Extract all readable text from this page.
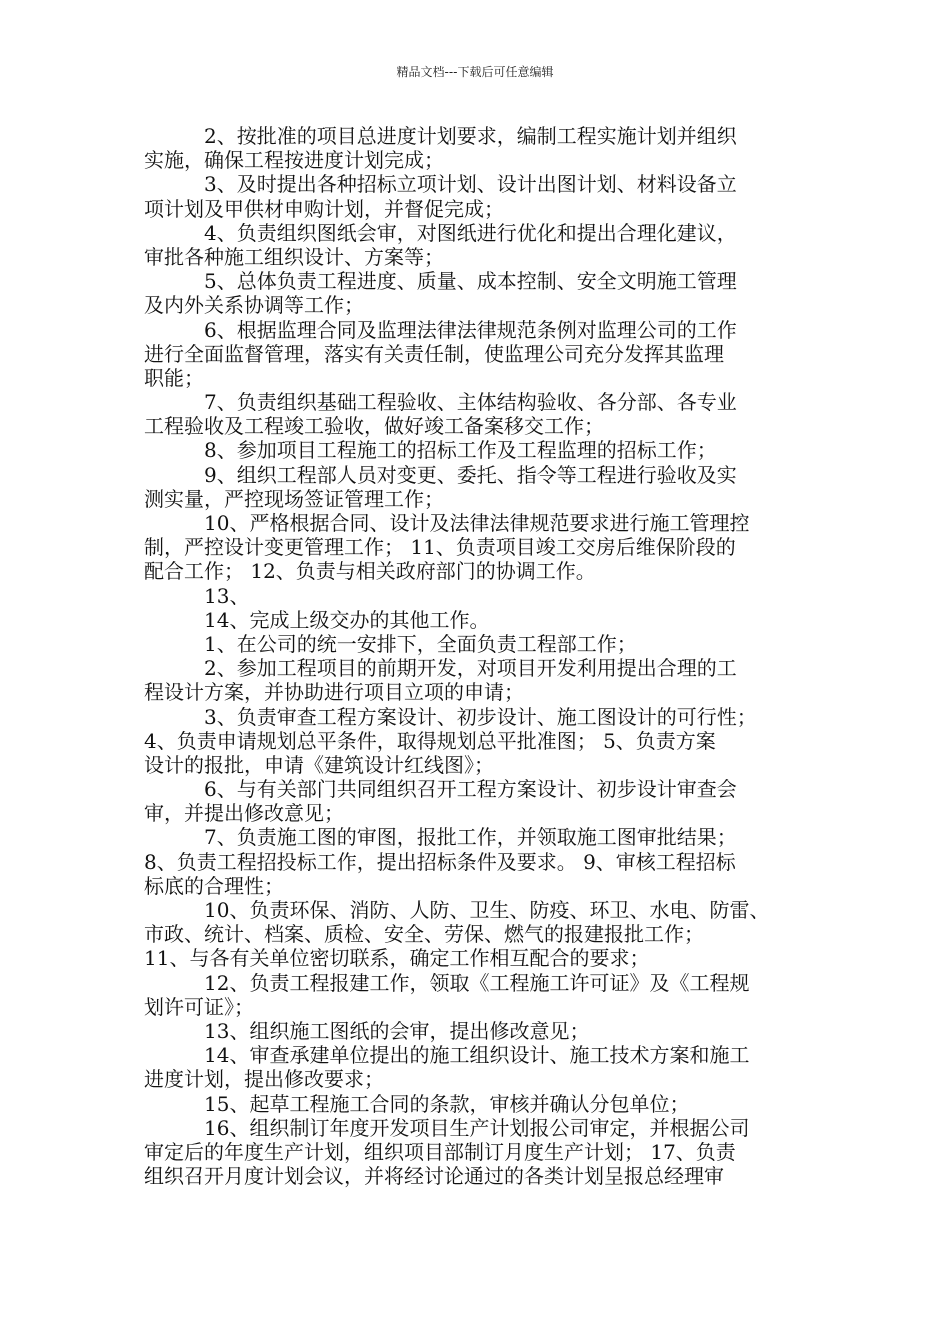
精品文档---下载后可任意编辑
2、按批准的项目总进度计划要求，编制工程实施计划并组织
实施，确保工程按进度计划完成；
3、及时提出各种招标立项计划、设计出图计划、材料设备立
项计划及甲供材申购计划，并督促完成；
4、负责组织图纸会审，对图纸进行优化和提出合理化建议，
审批各种施工组织设计、方案等；
5、总体负责工程进度、质量、成本控制、安全文明施工管理
及内外关系协调等工作；
6、根据监理合同及监理法律法律规范条例对监理公司的工作
进行全面监督管理，落实有关责任制，使监理公司充分发挥其监理
职能；
7、负责组织基础工程验收、主体结构验收、各分部、各专业
工程验收及工程竣工验收，做好竣工备案移交工作；
8、参加项目工程施工的招标工作及工程监理的招标工作；
9、组织工程部人员对变更、委托、指令等工程进行验收及实
测实量，严控现场签证管理工作；
10、严格根据合同、设计及法律法律规范要求进行施工管理控
制，严控设计变更管理工作； 11、负责项目竣工交房后维保阶段的
配合工作； 12、负责与相关政府部门的协调工作。
13、
14、完成上级交办的其他工作。
1、在公司的统一安排下，全面负责工程部工作；
2、参加工程项目的前期开发，对项目开发利用提出合理的工
程设计方案，并协助进行项目立项的申请；
3、负责审查工程方案设计、初步设计、施工图设计的可行性；
4、负责申请规划总平条件，取得规划总平批准图； 5、负责方案
设计的报批，申请《建筑设计红线图》；
6、与有关部门共同组织召开工程方案设计、初步设计审查会
审，并提出修改意见；
7、负责施工图的审图，报批工作，并领取施工图审批结果；
8、负责工程招投标工作，提出招标条件及要求。 9、审核工程招标
标底的合理性；
10、负责环保、消防、人防、卫生、防疫、环卫、水电、防雷、
市政、统计、档案、质检、安全、劳保、燃气的报建报批工作；
11、与各有关单位密切联系，确定工作相互配合的要求；
12、负责工程报建工作，领取《工程施工许可证》及《工程规
划许可证》；
13、组织施工图纸的会审，提出修改意见；
14、审查承建单位提出的施工组织设计、施工技术方案和施工
进度计划，提出修改要求；
15、起草工程施工合同的条款，审核并确认分包单位；
16、组织制订年度开发项目生产计划报公司审定，并根据公司
审定后的年度生产计划，组织项目部制订月度生产计划； 17、负责
组织召开月度计划会议，并将经讨论通过的各类计划呈报总经理审
